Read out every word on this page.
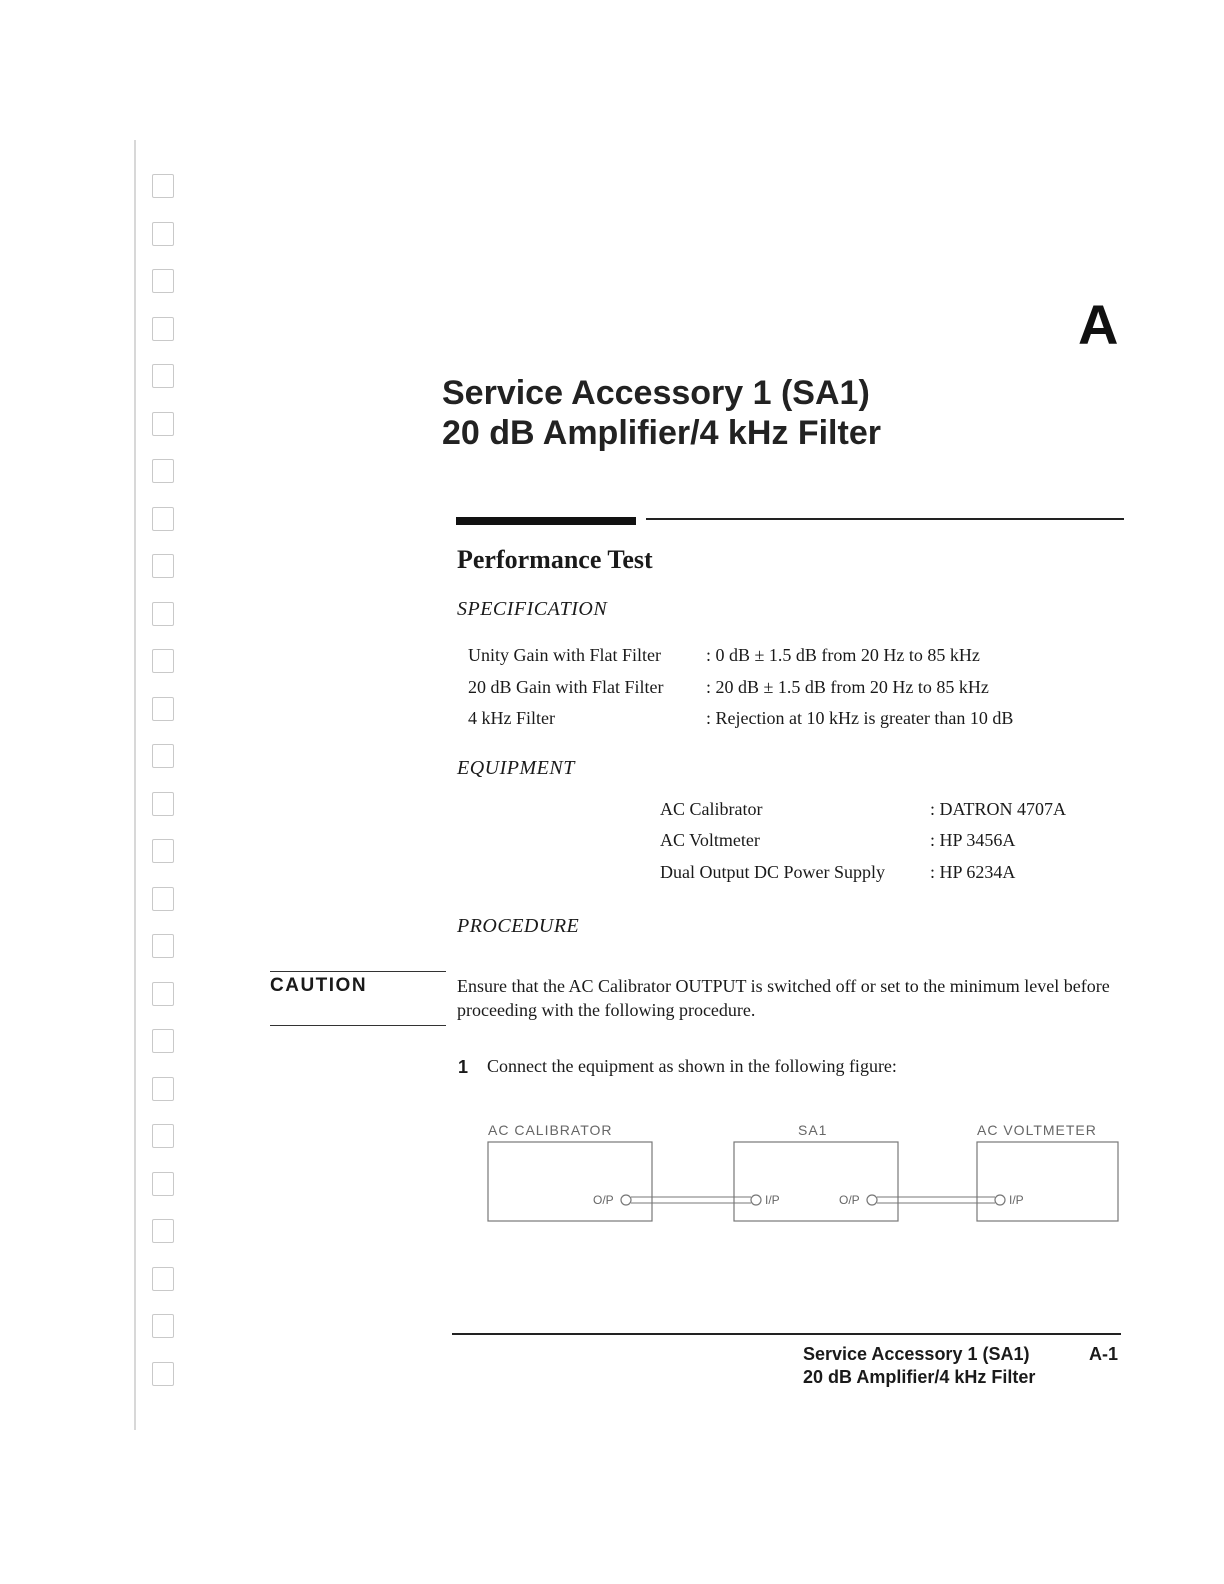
A
Service Accessory 1 (SA1)
20 dB Amplifier/4 kHz Filter
Performance Test
SPECIFICATION
Unity Gain with Flat Filter	: 0 dB ± 1.5 dB from 20 Hz to 85 kHz
20 dB Gain with Flat Filter : 20 dB ± 1.5 dB from 20 Hz to 85 kHz
4 kHz Filter	: Rejection at 10 kHz is greater than 10 dB
EQUIPMENT
AC Calibrator	: DATRON 4707A
AC Voltmeter	: HP 3456A
Dual Output DC Power Supply	: HP 6234A
PROCEDURE
CAUTION	Ensure that the AC Calibrator OUTPUT is switched off or set to the minimum level before proceeding with the following procedure.
1 Connect the equipment as shown in the following figure:
AC CALIBRATOR	SA1	AC VOLTMETER
O/P	I/P	O/P	I/P
Service Accessory 1 (SA1)
20 dB Amplifier/4 kHz Filter
A-1
